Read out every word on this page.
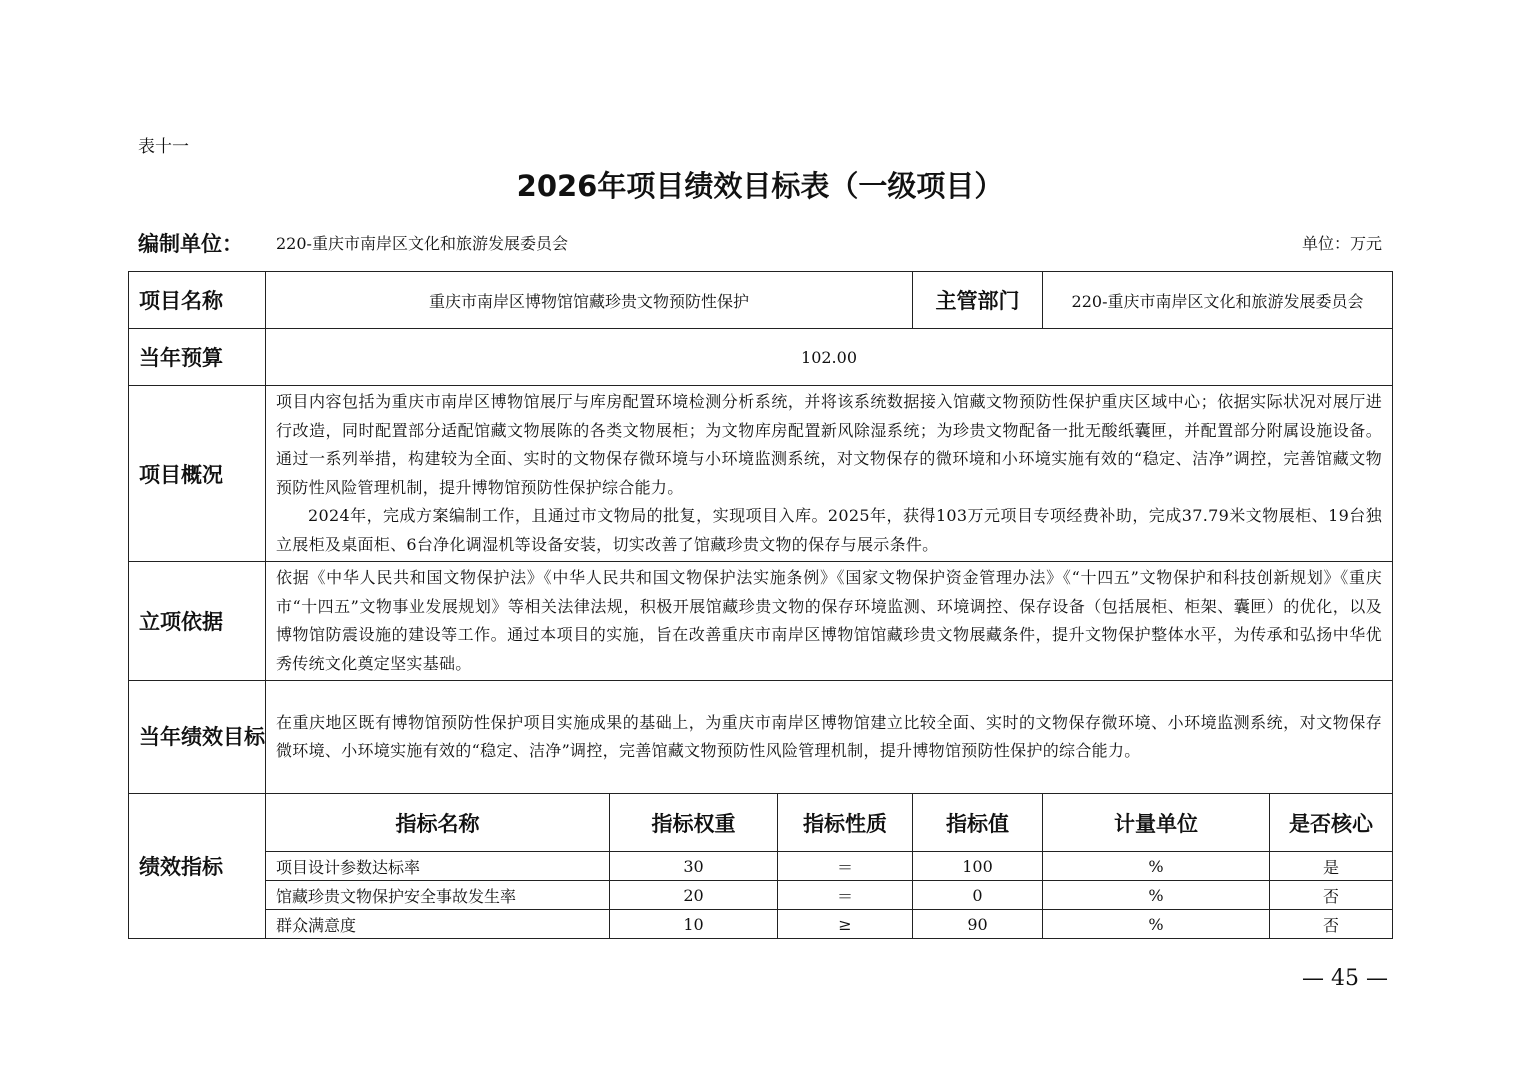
表十一
2026年项目绩效目标表（一级项目）
编制单位： 220-重庆市南岸区文化和旅游发展委员会	单位：万元
项目名称	重庆市南岸区博物馆馆藏珍贵文物预防性保护			主管部门	220-重庆市南岸区文化和旅游发展委员会	
当年预算	102.00					
项目概况	项目内容包括为重庆市南岸区博物馆展厅与库房配置环境检测分析系统，并将该系统数据接入馆藏文物预防性保护重庆区域中心；依据实际状况对展厅进行改造，同时配置部分适配馆藏文物展陈的各类文物展柜；为文物库房配置新风除湿系统；为珍贵文物配备一批无酸纸囊匣，并配置部分附属设施设备。通过一系列举措，构建较为全面、实时的文物保存微环境与小环境监测系统，对文物保存的微环境和小环境实施有效的“稳定、洁净”调控，完善馆藏文物预防性风险管理机制，提升博物馆预防性保护综合能力。

2024年，完成方案编制工作，且通过市文物局的批复，实现项目入库。2025年，获得103万元项目专项经费补助，完成37.79米文物展柜、19台独立展柜及桌面柜、6台净化调湿机等设备安装，切实改善了馆藏珍贵文物的保存与展示条件。					

立项依据	依据《中华人民共和国文物保护法》《中华人民共和国文物保护法实施条例》《国家文物保护资金管理办法》《“十四五”文物保护和科技创新规划》《重庆市“十四五”文物事业发展规划》等相关法律法规，积极开展馆藏珍贵文物的保存环境监测、环境调控、保存设备（包括展柜、柜架、囊匣）的优化，以及博物馆防震设施的建设等工作。通过本项目的实施，旨在改善重庆市南岸区博物馆馆藏珍贵文物展藏条件，提升文物保护整体水平，为传承和弘扬中华优秀传统文化奠定坚实基础。					
当年绩效目标	在重庆地区既有博物馆预防性保护项目实施成果的基础上，为重庆市南岸区博物馆建立比较全面、实时的文物保存微环境、小环境监测系统，对文物保存微环境、小环境实施有效的“稳定、洁净”调控，完善馆藏文物预防性风险管理机制，提升博物馆预防性保护的综合能力。					
绩效指标	指标名称	指标权重	指标性质	指标值	计量单位	是否核心
	项目设计参数达标率	30	＝	100	%	是
	馆藏珍贵文物保护安全事故发生率	20	＝	0	%	否
	群众满意度	10	≥	90	%	否
— 45 —
